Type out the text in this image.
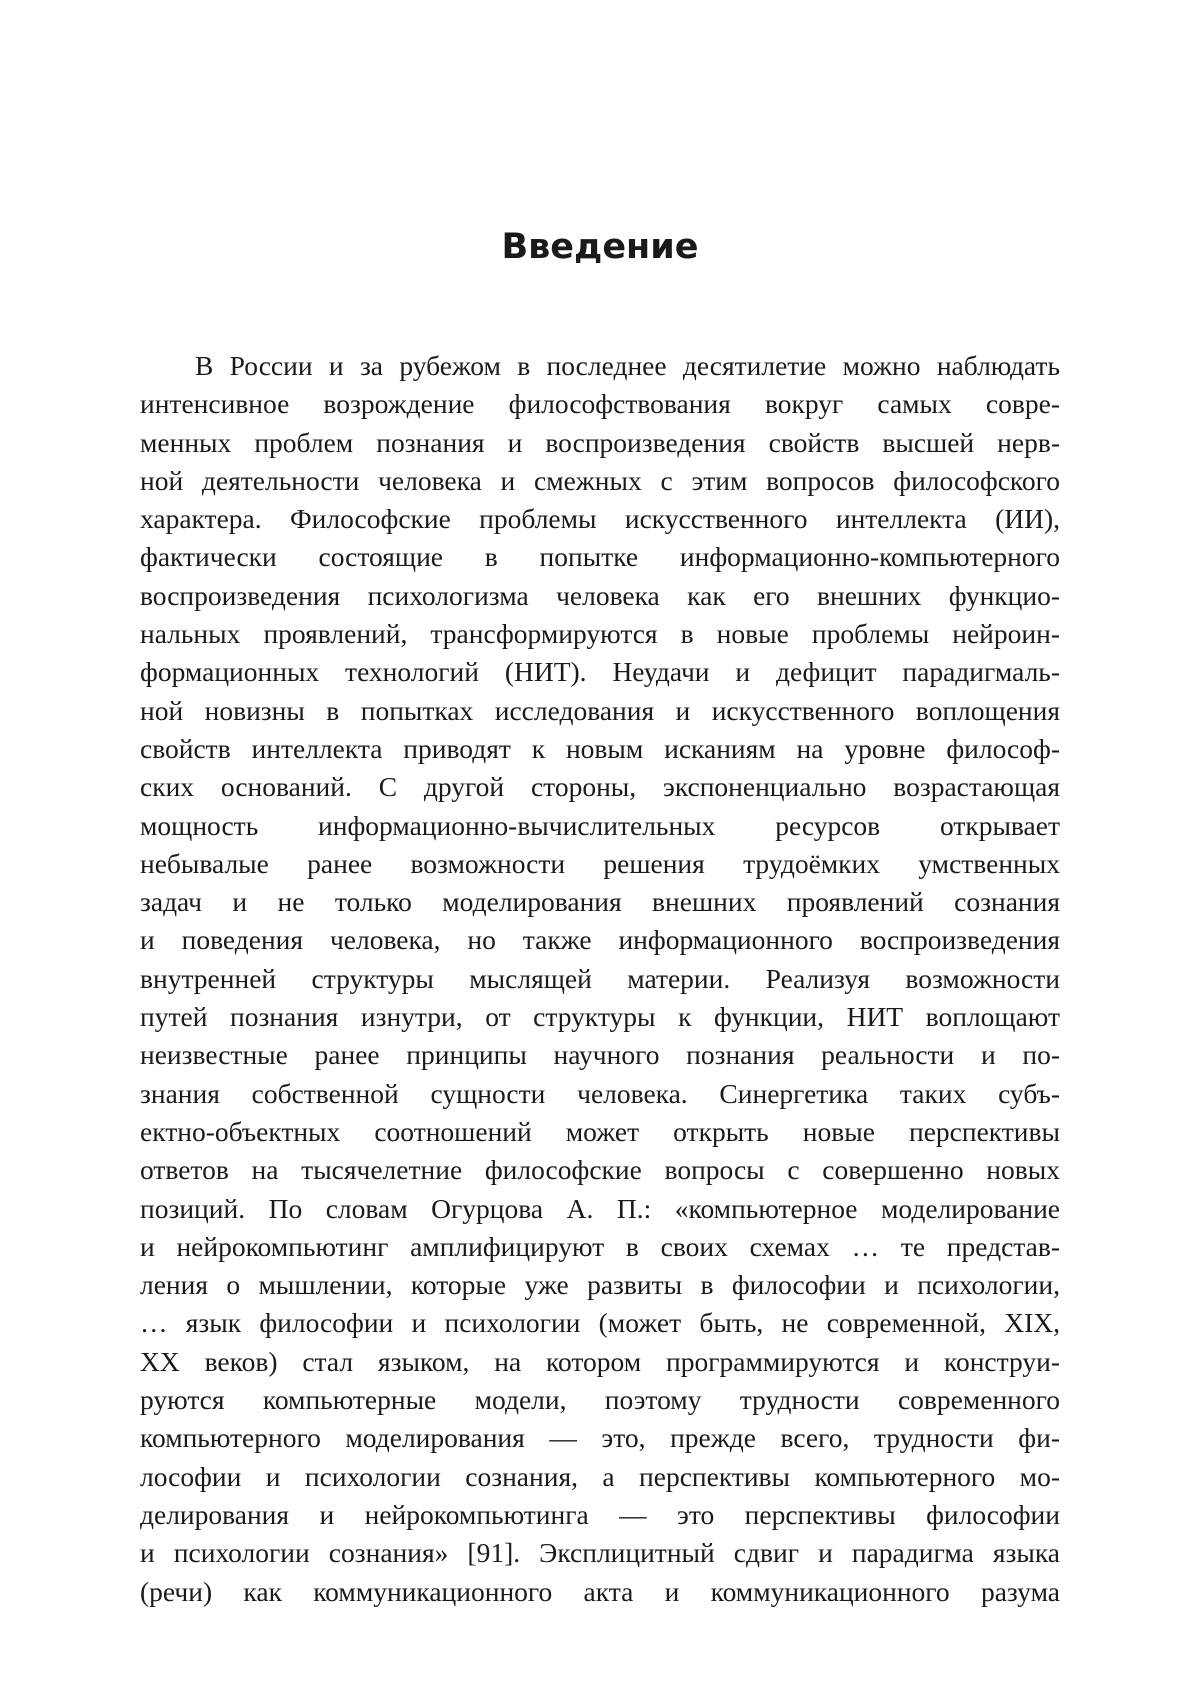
Введение
В России и за рубежом в последнее десятилетие можно наблюдать
интенсивное возрождение философствования вокруг самых совре-
менных проблем познания и воспроизведения свойств высшей нерв-
ной деятельности человека и смежных с этим вопросов философского
характера. Философские проблемы искусственного интеллекта (ИИ),
фактически состоящие в попытке информационно-компьютерного
воспроизведения психологизма человека как его внешних функцио-
нальных проявлений, трансформируются в новые проблемы нейроин-
формационных технологий (НИТ). Неудачи и дефицит парадигмаль-
ной новизны в попытках исследования и искусственного воплощения
свойств интеллекта приводят к новым исканиям на уровне философ-
ских оснований. С другой стороны, экспоненциально возрастающая
мощность информационно-вычислительных ресурсов открывает
небывалые ранее возможности решения трудоёмких умственных
задач и не только моделирования внешних проявлений сознания
и поведения человека, но также информационного воспроизведения
внутренней структуры мыслящей материи. Реализуя возможности
путей познания изнутри, от структуры к функции, НИТ воплощают
неизвестные ранее принципы научного познания реальности и по-
знания собственной сущности человека. Синергетика таких субъ-
ектно-объектных соотношений может открыть новые перспективы
ответов на тысячелетние философские вопросы с совершенно новых
позиций. По словам Огурцова А. П.: «компьютерное моделирование
и нейрокомпьютинг амплифицируют в своих схемах … те представ-
ления о мышлении, которые уже развиты в философии и психологии,
… язык философии и психологии (может быть, не современной, XIX,
XX веков) стал языком, на котором программируются и конструи-
руются компьютерные модели, поэтому трудности современного
компьютерного моделирования — это, прежде всего, трудности фи-
лософии и психологии сознания, а перспективы компьютерного мо-
делирования и нейрокомпьютинга — это перспективы философии
и психологии сознания» [91]. Эксплицитный сдвиг и парадигма языка
(речи) как коммуникационного акта и коммуникационного разума
